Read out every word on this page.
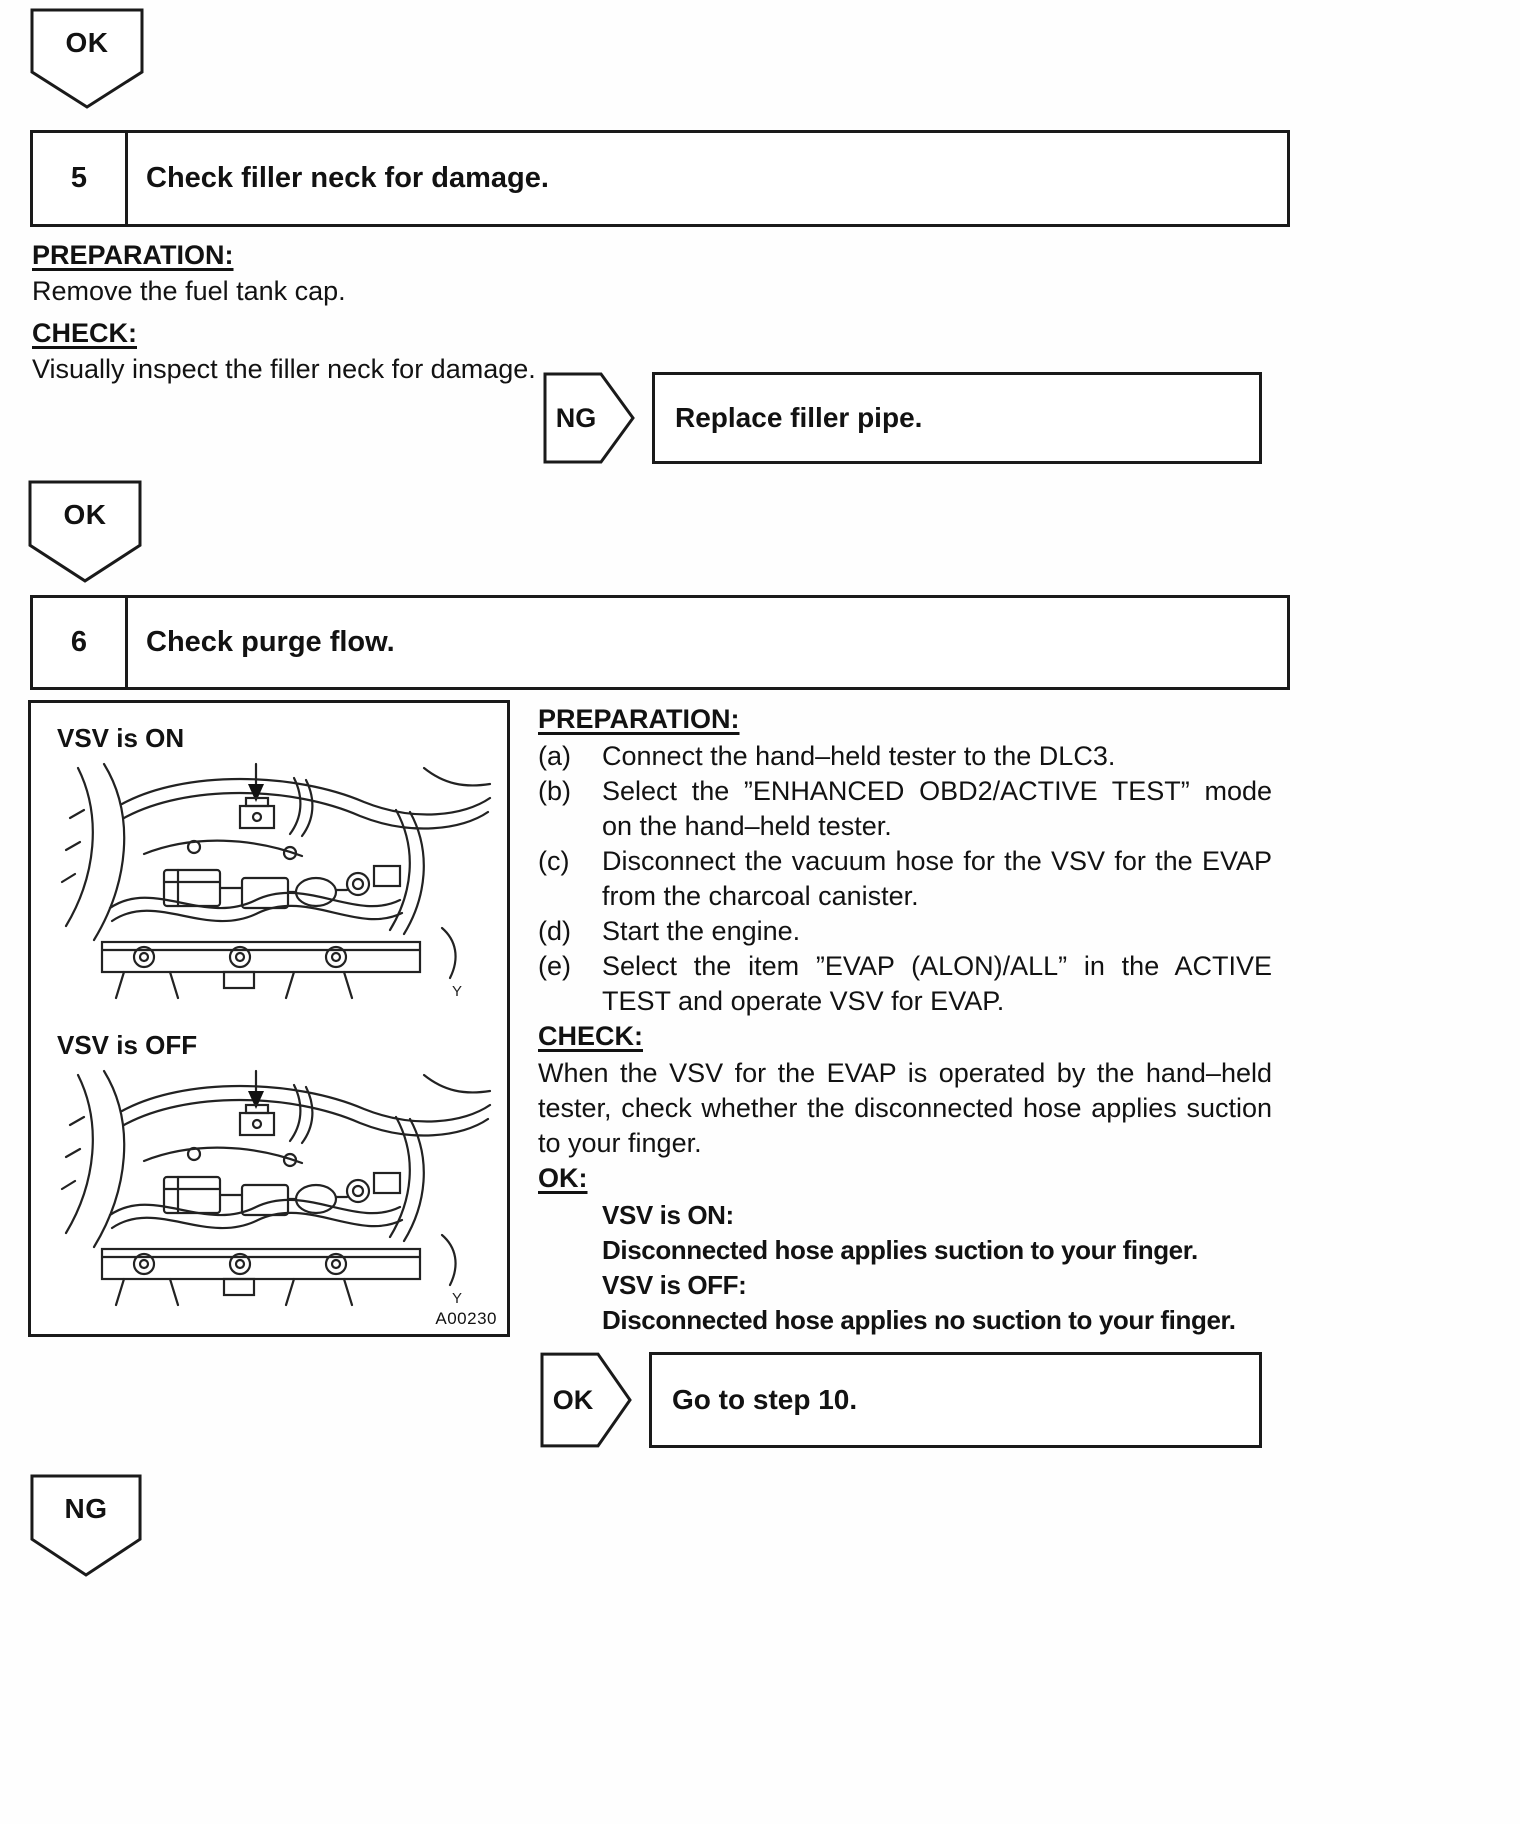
OK
5	Check filler neck for damage.
PREPARATION:
Remove the fuel tank cap.
CHECK:
Visually inspect the filler neck for damage.
NG	Replace filler pipe.
OK
6	Check purge flow.
VSV is ON
VSV is OFF
A00230
PREPARATION:
(a)	Connect the hand–held tester to the DLC3.
(b)	Select the ”ENHANCED OBD2/ACTIVE TEST” mode on the hand–held tester.
(c)	Disconnect the vacuum hose for the VSV for the EVAP from the charcoal canister.
(d)	Start the engine.
(e)	Select the item ”EVAP (ALON)/ALL” in the ACTIVE TEST and operate VSV for EVAP.
CHECK:
When the VSV for the EVAP is operated by the hand–held tester, check whether the disconnected hose applies suction to your finger.
OK:
VSV is ON:
Disconnected hose applies suction to your finger.
VSV is OFF:
Disconnected hose applies no suction to your finger.
OK	Go to step 10.
NG
